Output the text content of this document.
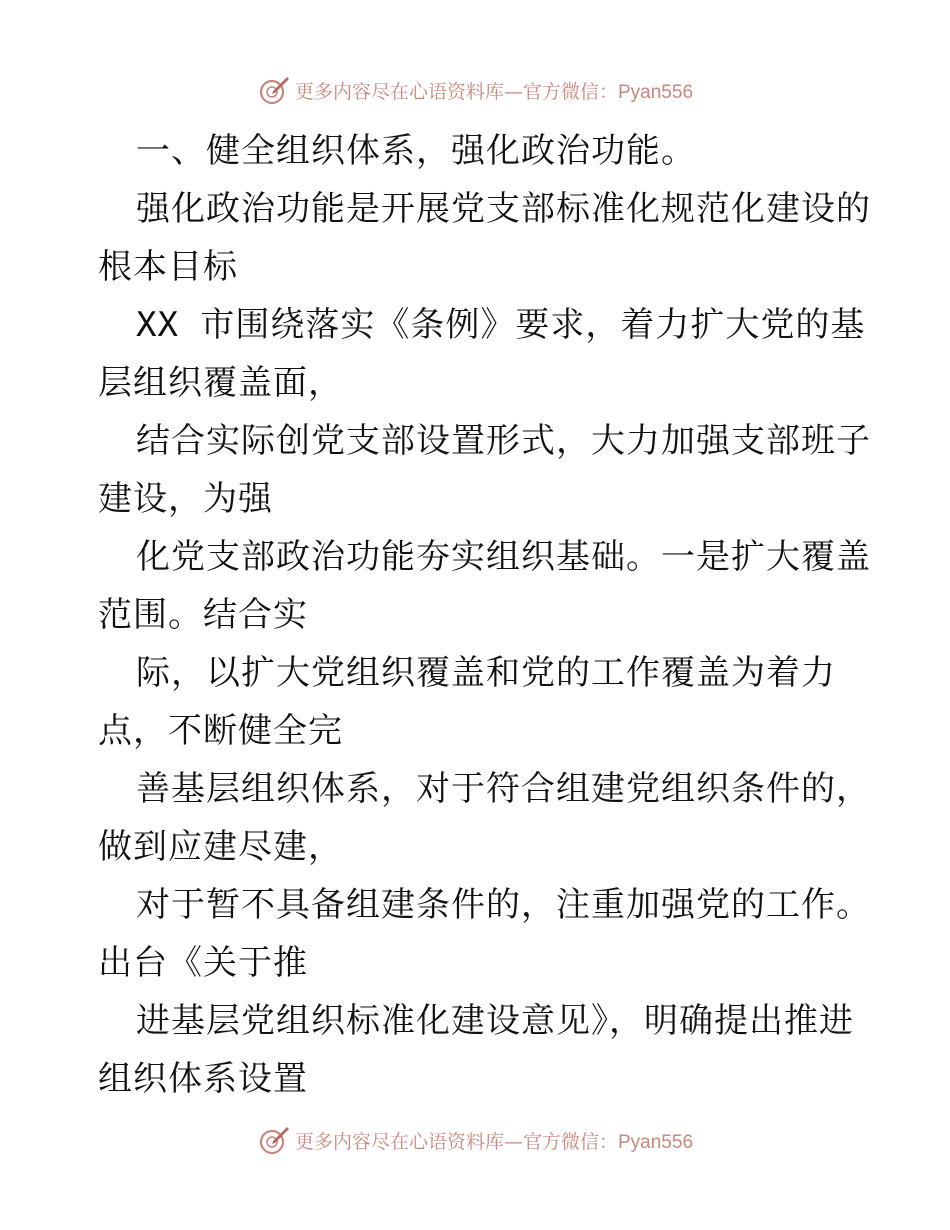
更多内容尽在心语资料库—官方微信：Pyan556
一、健全组织体系，强化政治功能。
强化政治功能是开展党支部标准化规范化建设的
根本目标
XX 市围绕落实《条例》要求，着力扩大党的基
层组织覆盖面，
结合实际创党支部设置形式，大力加强支部班子
建设，为强
化党支部政治功能夯实组织基础。一是扩大覆盖
范围。结合实
际，以扩大党组织覆盖和党的工作覆盖为着力
点，不断健全完
善基层组织体系，对于符合组建党组织条件的，
做到应建尽建，
对于暂不具备组建条件的，注重加强党的工作。
出台《关于推
进基层党组织标准化建设意见》，明确提出推进
组织体系设置
更多内容尽在心语资料库—官方微信：Pyan556
